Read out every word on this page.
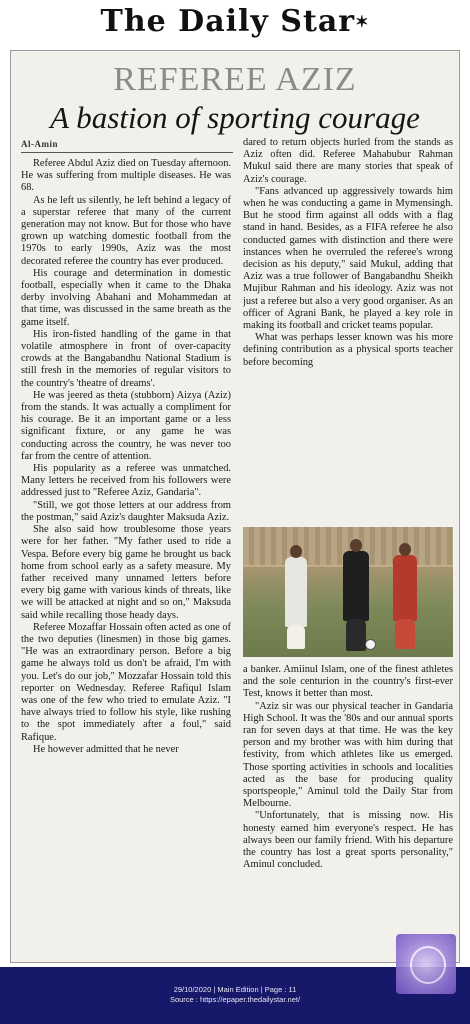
The Daily Star✶
REFEREE AZIZ
A bastion of sporting courage
Al-Amin

Referee Abdul Aziz died on Tuesday afternoon. He was suffering from multiple diseases. He was 68.

As he left us silently, he left behind a legacy of a superstar referee that many of the current generation may not know. But for those who have grown up watching domestic football from the 1970s to early 1990s, Aziz was the most decorated referee the country has ever produced.

His courage and determination in domestic football, especially when it came to the Dhaka derby involving Abahani and Mohammedan at that time, was discussed in the same breath as the game itself.

His iron-fisted handling of the game in that volatile atmosphere in front of over-capacity crowds at the Bangabandhu National Stadium is still fresh in the memories of regular visitors to the country's 'theatre of dreams'.

He was jeered as theta (stubborn) Aizya (Aziz) from the stands. It was actually a compliment for his courage. Be it an important game or a less significant fixture, or any game he was conducting across the country, he was never too far from the centre of attention.

His popularity as a referee was unmatched. Many letters he received from his followers were addressed just to "Referee Aziz, Gandaria".

"Still, we got those letters at our address from the postman," said Aziz's daughter Maksuda Aziz.

She also said how troublesome those years were for her father. "My father used to ride a Vespa. Before every big game he brought us back home from school early as a safety measure. My father received many unnamed letters before every big game with various kinds of threats, like we will be attacked at night and so on," Maksuda said while recalling those heady days.

Referee Mozaffar Hossain often acted as one of the two deputies (linesmen) in those big games. "He was an extraordinary person. Before a big game he always told us don't be afraid, I'm with you. Let's do our job," Mozzafar Hossain told this reporter on Wednesday. Referee Rafiqul Islam was one of the few who tried to emulate Aziz. "I have always tried to follow his style, like rushing to the spot immediately after a foul," said Rafique.

He however admitted that he never

dared to return objects hurled from the stands as Aziz often did. Referee Mahabubur Rahman Mukul said there are many stories that speak of Aziz's courage.

"Fans advanced up aggressively towards him when he was conducting a game in Mymensingh. But he stood firm against all odds with a flag stand in hand. Besides, as a FIFA referee he also conducted games with distinction and there were instances when he overruled the referee's wrong decision as his deputy," said Mukul, adding that Aziz was a true follower of Bangabandhu Sheikh Mujibur Rahman and his ideology. Aziz was not just a referee but also a very good organiser. As an officer of Agrani Bank, he played a key role in making its football and cricket teams popular.

What was perhaps lesser known was his more defining contribution as a physical sports teacher before becoming

a banker. Amiinul Islam, one of the finest athletes and the sole centurion in the country's first-ever Test, knows it better than most.

"Aziz sir was our physical teacher in Gandaria High School. It was the '80s and our annual sports ran for seven days at that time. He was the key person and my brother was with him during that festivity, from which athletes like us emerged. Those sporting activities in schools and localities acted as the base for producing quality sportspeople," Aminul told the Daily Star from Melbourne.

"Unfortunately, that is missing now. His honesty earned him everyone's respect. He has always been our family friend. With his departure the country has lost a great sports personality," Aminul concluded.

29/10/2020 | Main Edition | Page : 11
Source : https://epaper.thedailystar.net/
